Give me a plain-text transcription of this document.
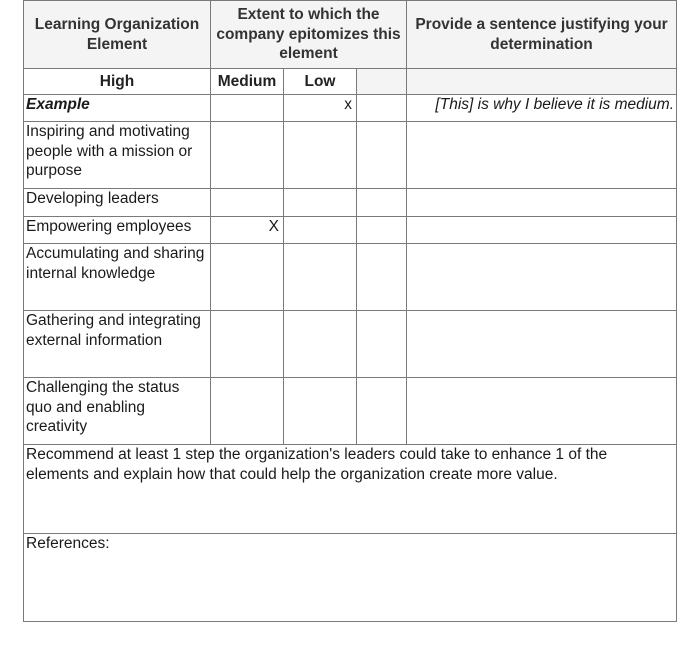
Learning Organization Element	Extent to which the company epitomizes this element			Provide a sentence justifying your determination
High	Medium	Low		
Example		x		[This] is why I believe it is medium.
Inspiring and motivating people with a mission or purpose				
Developing leaders				
Empowering employees	X			
Accumulating and sharing internal knowledge				
Gathering and integrating external information				
Challenging the status quo and enabling creativity				
Recommend at least 1 step the organization's leaders could take to enhance 1 of the elements and explain how that could help the organization create more value.				
References:				
